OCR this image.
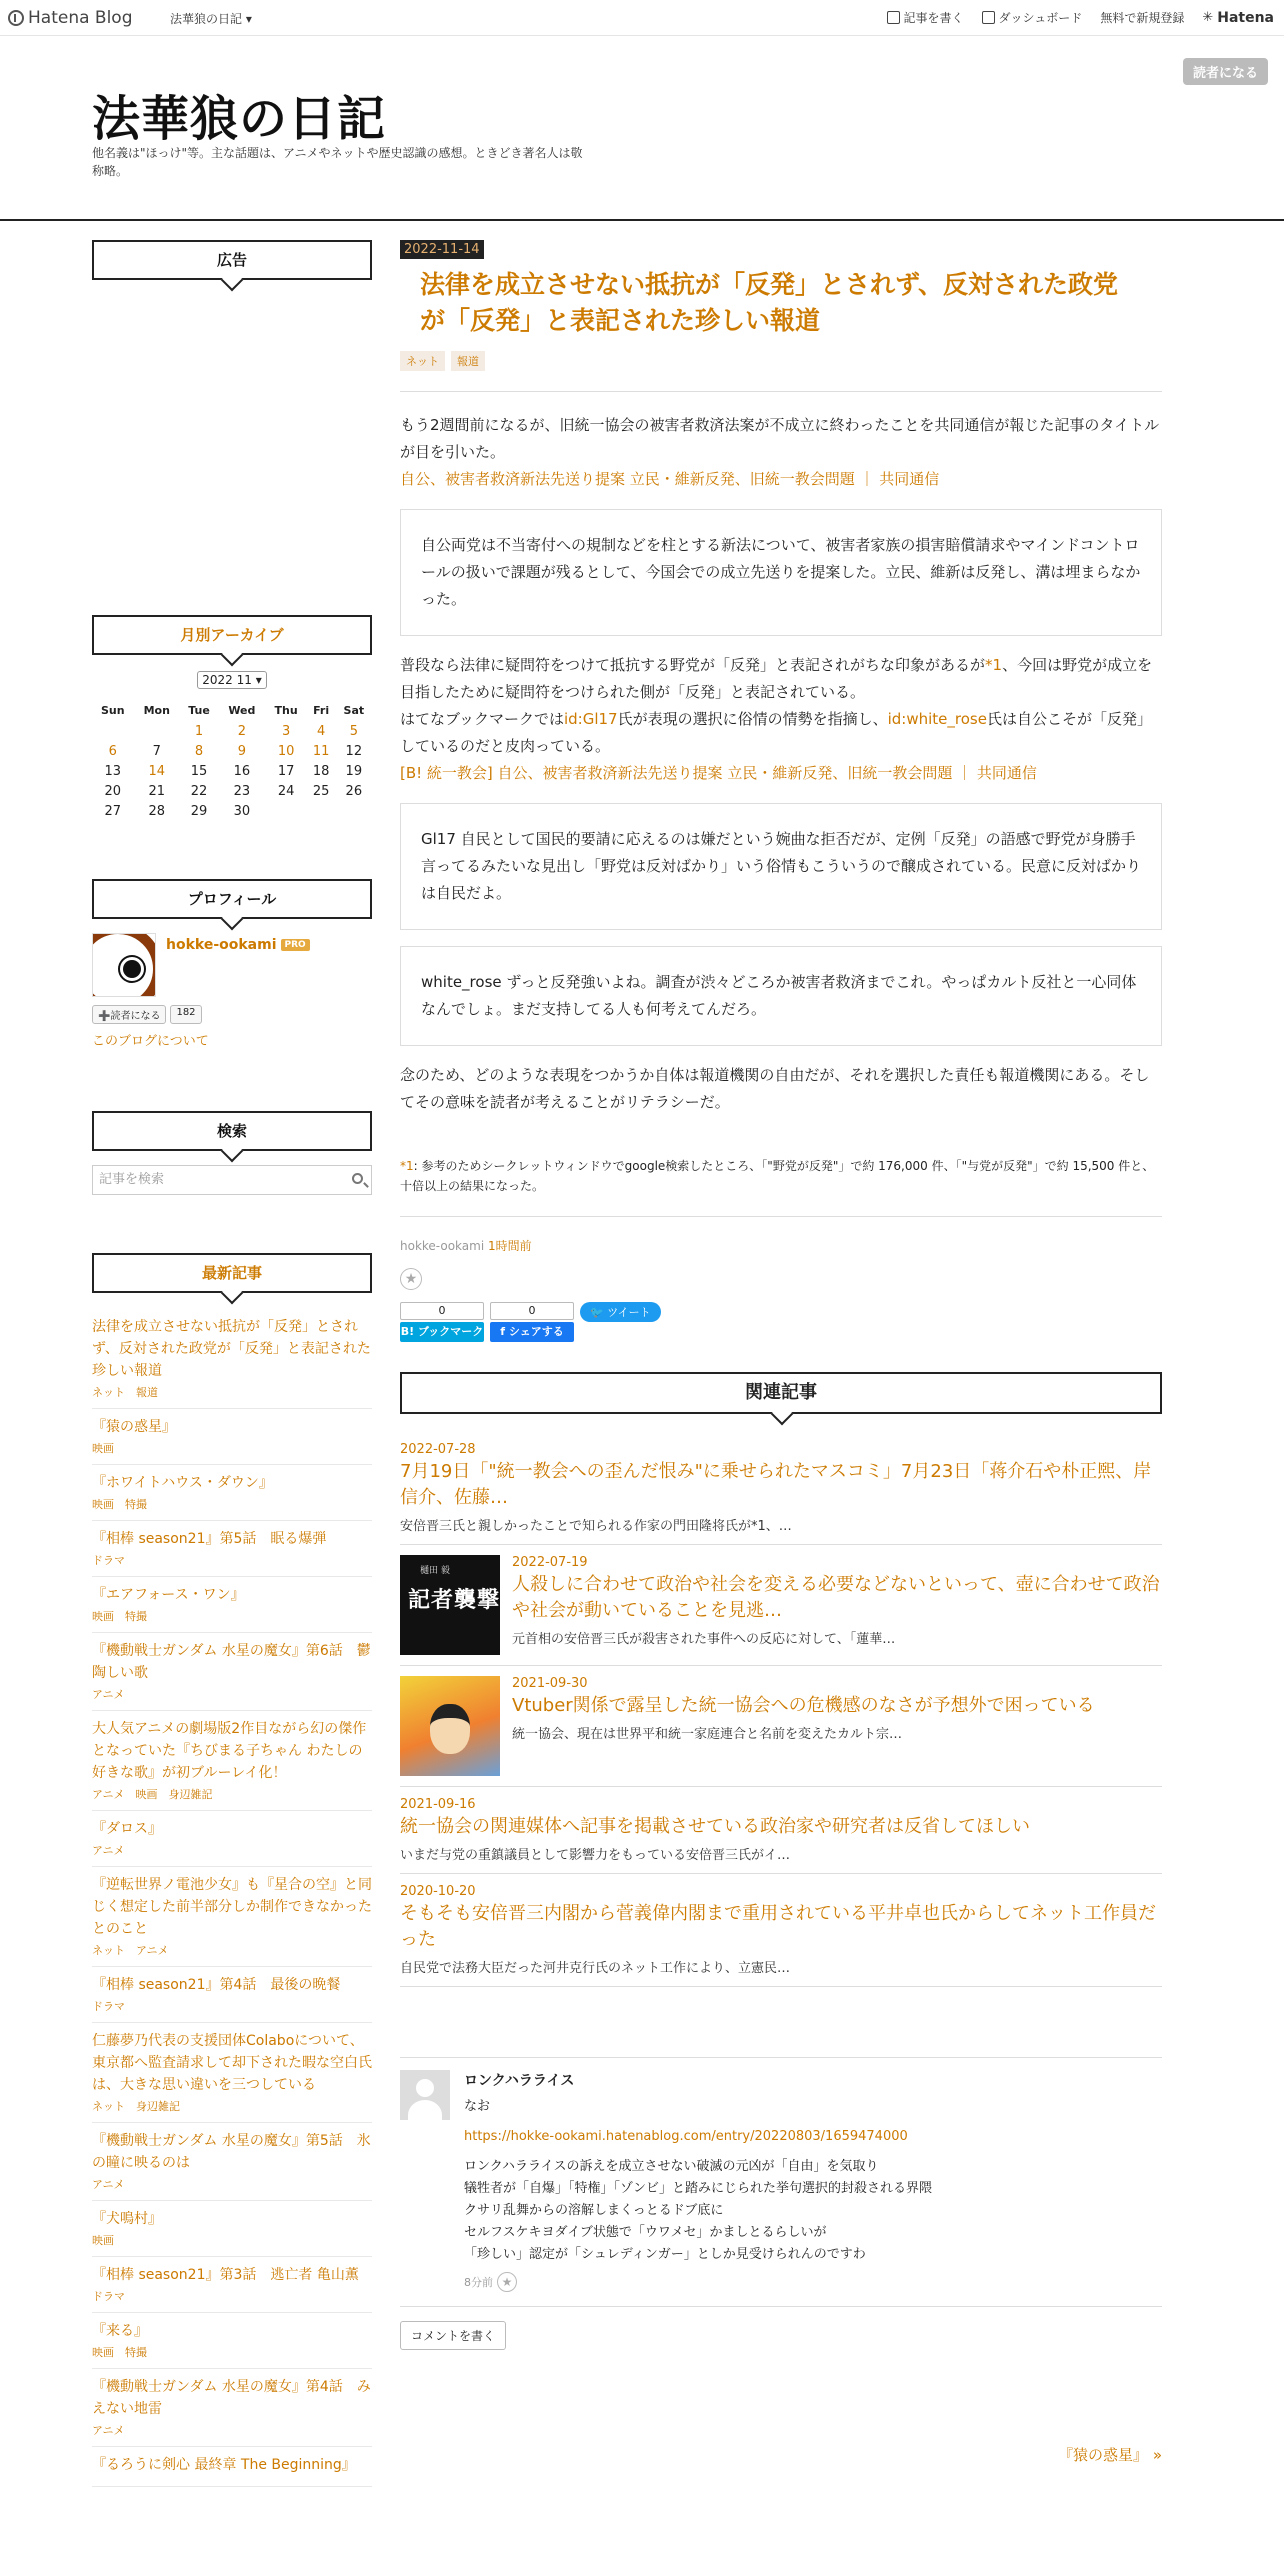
Hatena Blog	法華狼の日記 ▾	記事を書く	ダッシュボード 無料で新規登録 ✳ Hatena
法華狼の日記
他名義は"ほっけ"等。主な話題は、アニメやネットや歴史認識の感想。ときどき著名人は敬称略。
読者になる
広告
月別アーカイブ
2022 11 ▾
Sun	Mon	Tue	Wed	Thu	Fri	Sat
		1	2	3	4	5
6	7	8	9	10	11	12
13	14	15	16	17	18	19
20	21	22	23	24	25	26
27	28	29	30			
プロフィール
hokke-ookami PRO
➕読者になる	182
このブログについて
検索
記事を検索
最新記事
法律を成立させない抵抗が「反発」とされず、反対された政党が「反発」と表記された珍しい報道
ネット　報道
『猿の惑星』
映画
『ホワイトハウス・ダウン』
映画　特撮
『相棒 season21』第5話　眠る爆弾
ドラマ
『エアフォース・ワン』
映画　特撮
『機動戦士ガンダム 水星の魔女』第6話　鬱陶しい歌
アニメ
大人気アニメの劇場版2作目ながら幻の傑作となっていた『ちびまる子ちゃん わたしの好きな歌』が初ブルーレイ化！
アニメ　映画　身辺雑記
『ダロス』
アニメ
『逆転世界ノ電池少女』も『星合の空』と同じく想定した前半部分しか制作できなかったとのこと
ネット　アニメ
『相棒 season21』第4話　最後の晩餐
ドラマ
仁藤夢乃代表の支援団体Colaboについて、東京都へ監査請求して却下された暇な空白氏は、大きな思い違いを三つしている
ネット　身辺雑記
『機動戦士ガンダム 水星の魔女』第5話　氷の瞳に映るのは
アニメ
『犬鳴村』
映画
『相棒 season21』第3話　逃亡者 亀山薫
ドラマ
『来る』
映画　特撮
『機動戦士ガンダム 水星の魔女』第4話　みえない地雷
アニメ
『るろうに剣心 最終章 The Beginning』
2022-11-14
法律を成立させない抵抗が「反発」とされず、反対された政党が「反発」と表記された珍しい報道
ネット	報道
もう2週間前になるが、旧統一協会の被害者救済法案が不成立に終わったことを共同通信が報じた記事のタイトルが目を引いた。
自公、被害者救済新法先送り提案 立民・維新反発、旧統一教会問題 ｜ 共同通信
自公両党は不当寄付への規制などを柱とする新法について、被害者家族の損害賠償請求やマインドコントロールの扱いで課題が残るとして、今国会での成立先送りを提案した。立民、維新は反発し、溝は埋まらなかった。
普段なら法律に疑問符をつけて抵抗する野党が「反発」と表記されがちな印象があるが*1、今回は野党が成立を目指したために疑問符をつけられた側が「反発」と表記されている。
はてなブックマークではid:Gl17氏が表現の選択に俗情の情勢を指摘し、id:white_rose氏は自公こそが「反発」しているのだと皮肉っている。
[B! 統一教会] 自公、被害者救済新法先送り提案 立民・維新反発、旧統一教会問題 ｜ 共同通信
Gl17 自民として国民的要請に応えるのは嫌だという婉曲な拒否だが、定例「反発」の語感で野党が身勝手言ってるみたいな見出し「野党は反対ばかり」いう俗情もこういうので醸成されている。民意に反対ばかりは自民だよ。
white_rose ずっと反発強いよね。調査が渋々どころか被害者救済までこれ。やっぱカルト反社と一心同体なんでしょ。まだ支持してる人も何考えてんだろ。
念のため、どのような表現をつかうか自体は報道機関の自由だが、それを選択した責任も報道機関にある。そしてその意味を読者が考えることがリテラシーだ。
*1: 参考のためシークレットウィンドウでgoogle検索したところ、「"野党が反発"」で約 176,000 件、「"与党が反発"」で約 15,500 件と、十倍以上の結果になった。
hokke-ookami 1時間前
★
0
B! ブックマーク
0
f シェアする
🐦 ツイート
関連記事
2022-07-28
7月19日「"統一教会への歪んだ恨み"に乗せられたマスコミ」7月23日「蒋介石や朴正煕、岸信介、佐藤…
安倍晋三氏と親しかったことで知られる作家の門田隆将氏が*1、…
樋田 毅
記者襲撃
2022-07-19
人殺しに合わせて政治や社会を変える必要などないといって、壺に合わせて政治や社会が動いていることを見逃…
元首相の安倍晋三氏が殺害された事件への反応に対して、「蓮華…
2021-09-30
Vtuber関係で露呈した統一協会への危機感のなさが予想外で困っている
統一協会、現在は世界平和統一家庭連合と名前を変えたカルト宗…
2021-09-16
統一協会の関連媒体へ記事を掲載させている政治家や研究者は反省してほしい
いまだ与党の重鎮議員として影響力をもっている安倍晋三氏がイ…
2020-10-20
そもそも安倍晋三内閣から菅義偉内閣まで重用されている平井卓也氏からしてネット工作員だった
自民党で法務大臣だった河井克行氏のネット工作により、立憲民…
ロンクハラライス
なお
https://hokke-ookami.hatenablog.com/entry/20220803/1659474000
ロンクハラライスの訴えを成立させない破滅の元凶が「自由」を気取り
犠牲者が「自爆」「特権」「ゾンビ」と踏みにじられた挙句選択的封殺される界隈
クサリ乱舞からの溶解しまくっとるドブ底に
セルフスケキヨダイブ状態で「ウワメセ」かましとるらしいが
「珍しい」認定が「シュレディンガー」としか見受けられんのですわ
8分前 ★
コメントを書く
『猿の惑星』 »
